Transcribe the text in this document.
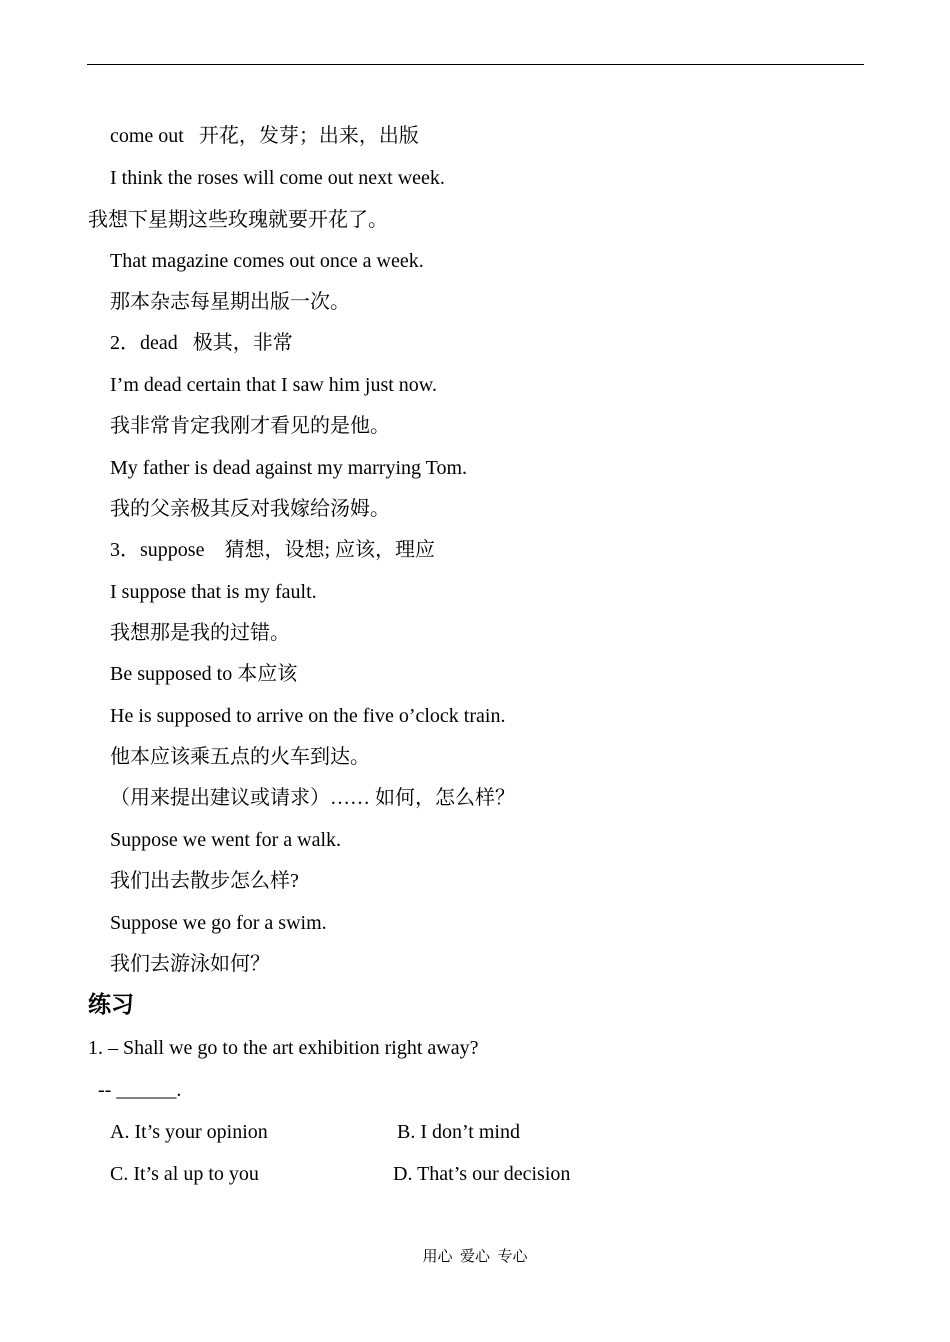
come out   开花，发芽；出来，出版
I think the roses will come out next week.
我想下星期这些玫瑰就要开花了。
That magazine comes out once a week.
那本杂志每星期出版一次。
2．dead   极其，非常
I’m dead certain that I saw him just now.
我非常肯定我刚才看见的是他。
My father is dead against my marrying Tom.
我的父亲极其反对我嫁给汤姆。
3．suppose    猜想，设想; 应该，理应
I suppose that is my fault.
我想那是我的过错。
Be supposed to 本应该
He is supposed to arrive on the five o’clock train.
他本应该乘五点的火车到达。
（用来提出建议或请求）…… 如何，怎么样？
Suppose we went for a walk.
我们出去散步怎么样?
Suppose we go for a swim.
我们去游泳如何？
练习
1. – Shall we go to the art exhibition right away?
-- ______.
A. It’s your opinion	B. I don’t mind
C. It’s al up to you	D. That’s our decision
用心  爱心  专心
